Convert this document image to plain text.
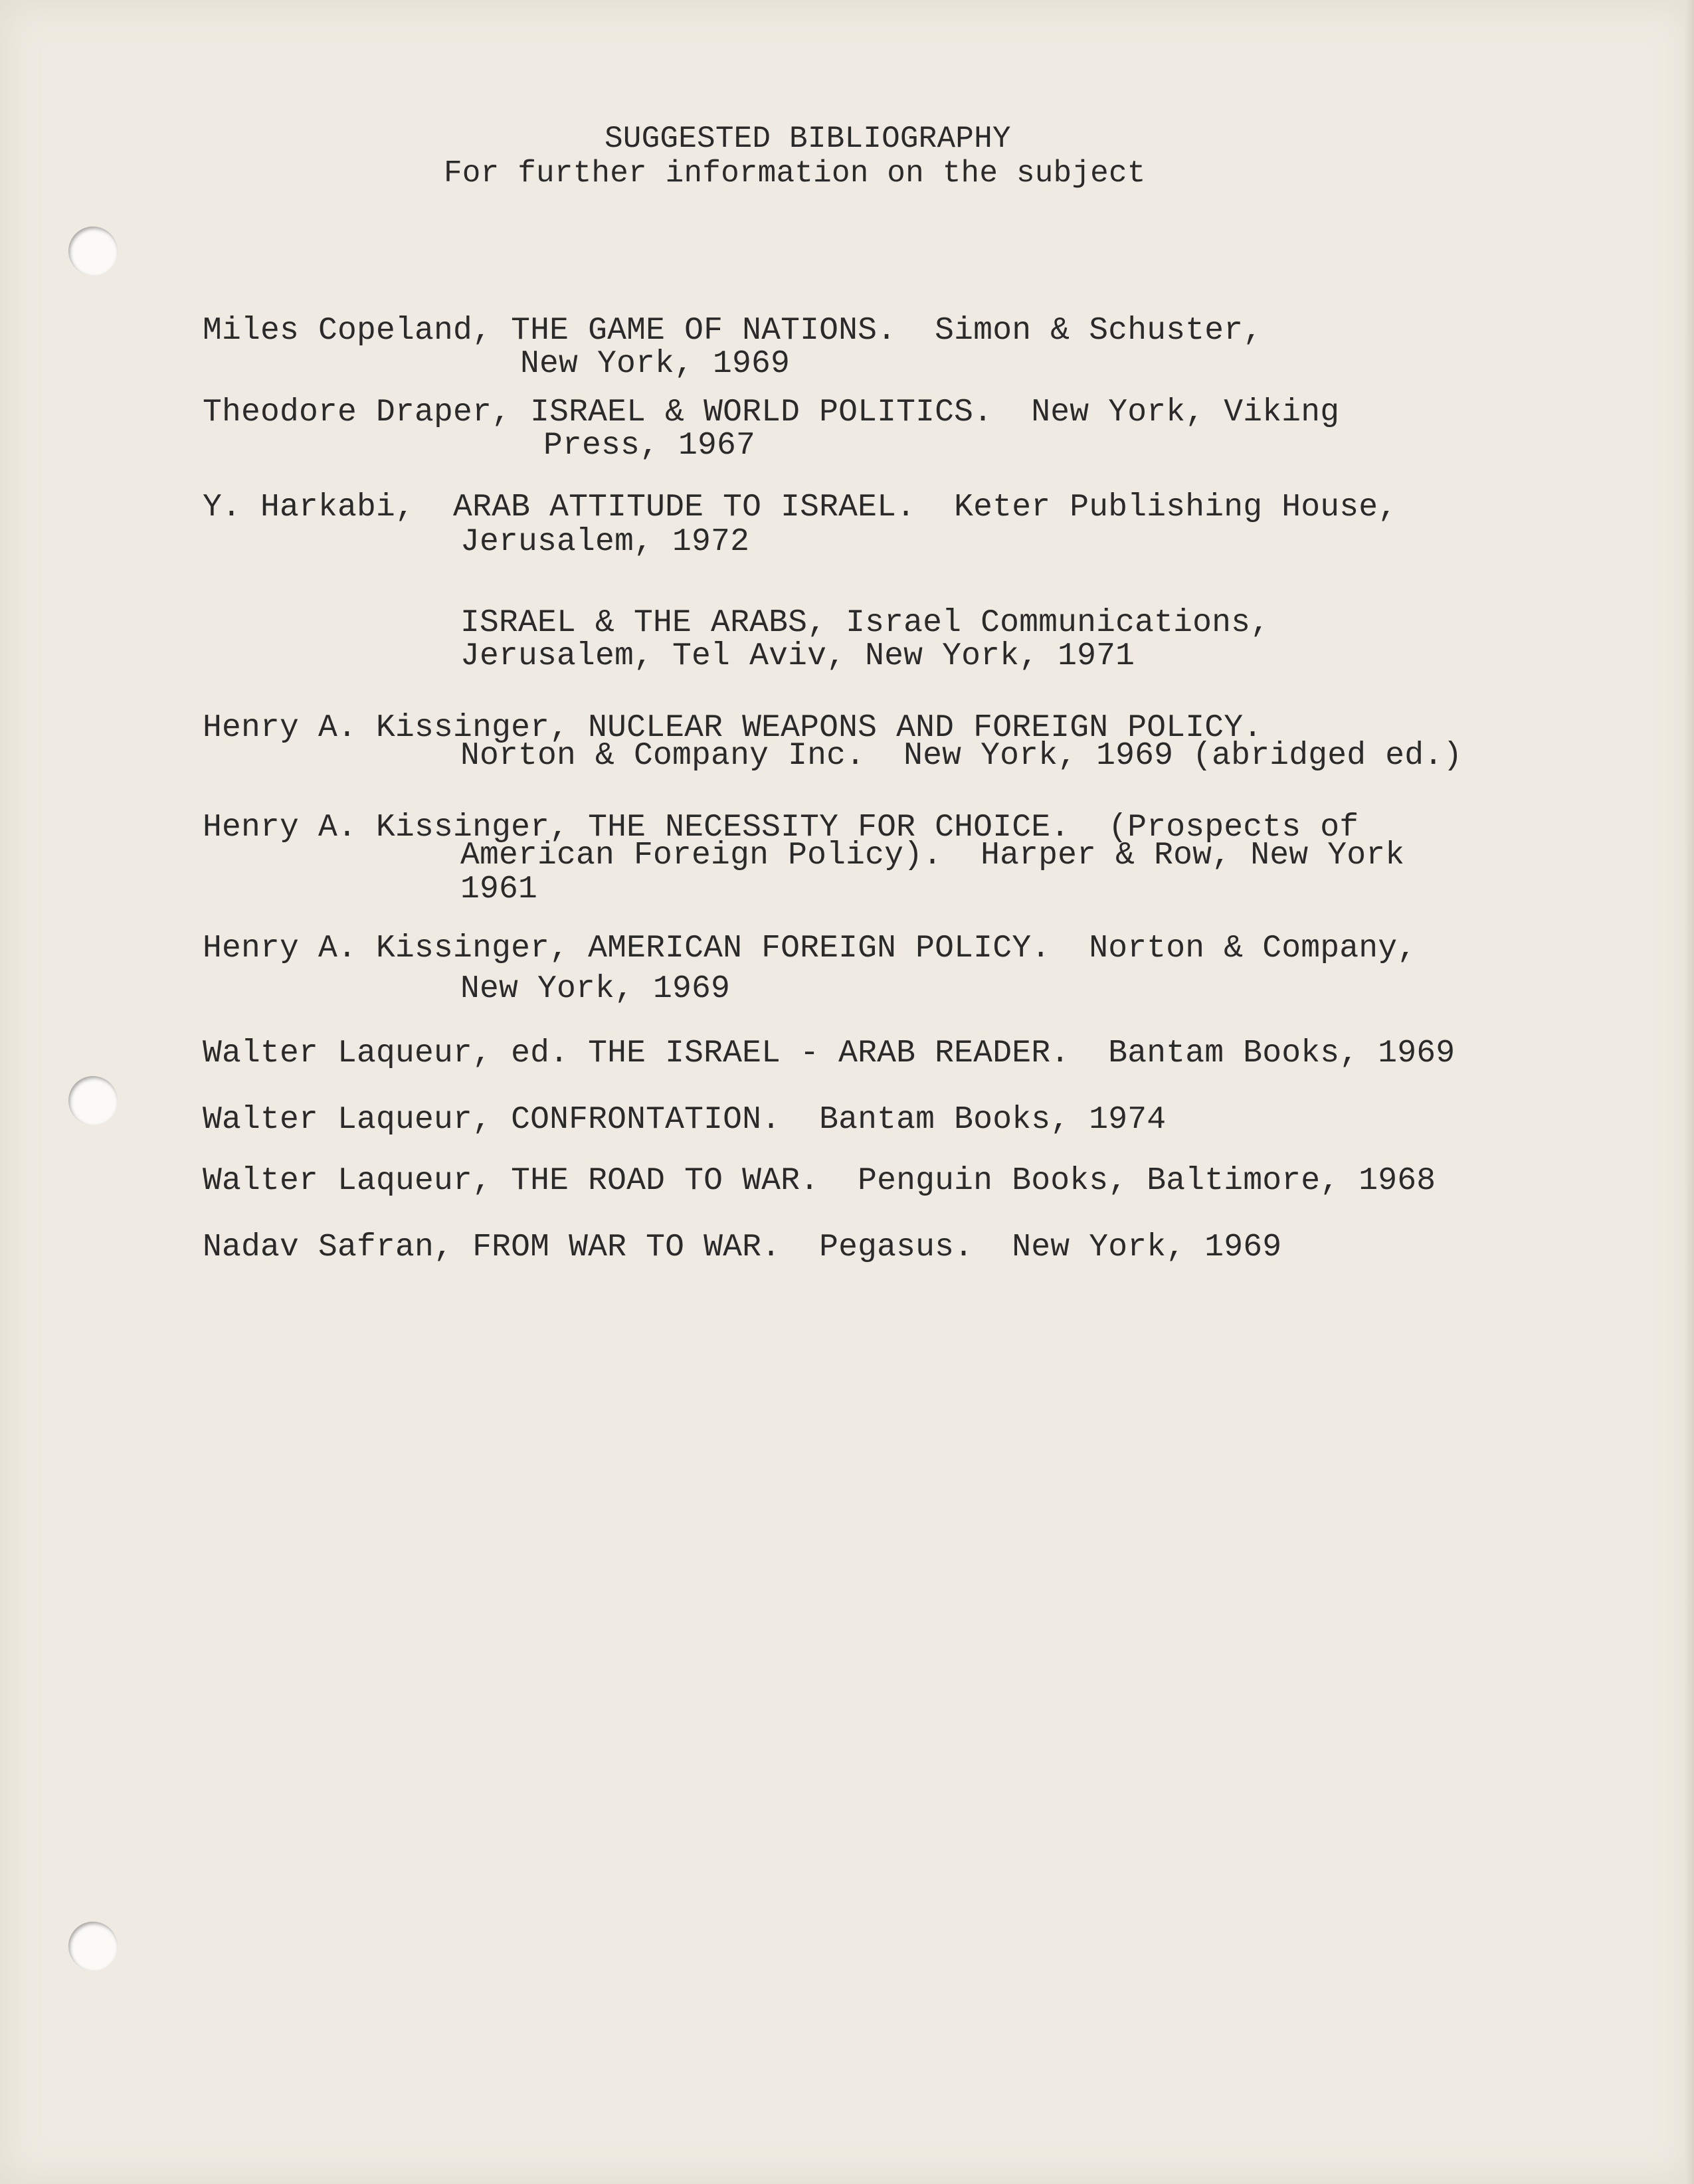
SUGGESTED BIBLIOGRAPHY
For further information on the subject
Miles Copeland, THE GAME OF NATIONS.  Simon & Schuster,
New York, 1969
Theodore Draper, ISRAEL & WORLD POLITICS.  New York, Viking
Press, 1967
Y. Harkabi,  ARAB ATTITUDE TO ISRAEL.  Keter Publishing House,
Jerusalem, 1972
ISRAEL & THE ARABS, Israel Communications,
Jerusalem, Tel Aviv, New York, 1971
Henry A. Kissinger, NUCLEAR WEAPONS AND FOREIGN POLICY.
Norton & Company Inc.  New York, 1969 (abridged ed.)
Henry A. Kissinger, THE NECESSITY FOR CHOICE.  (Prospects of
American Foreign Policy).  Harper & Row, New York
1961
Henry A. Kissinger, AMERICAN FOREIGN POLICY.  Norton & Company,
New York, 1969
Walter Laqueur, ed. THE ISRAEL - ARAB READER.  Bantam Books, 1969
Walter Laqueur, CONFRONTATION.  Bantam Books, 1974
Walter Laqueur, THE ROAD TO WAR.  Penguin Books, Baltimore, 1968
Nadav Safran, FROM WAR TO WAR.  Pegasus.  New York, 1969
